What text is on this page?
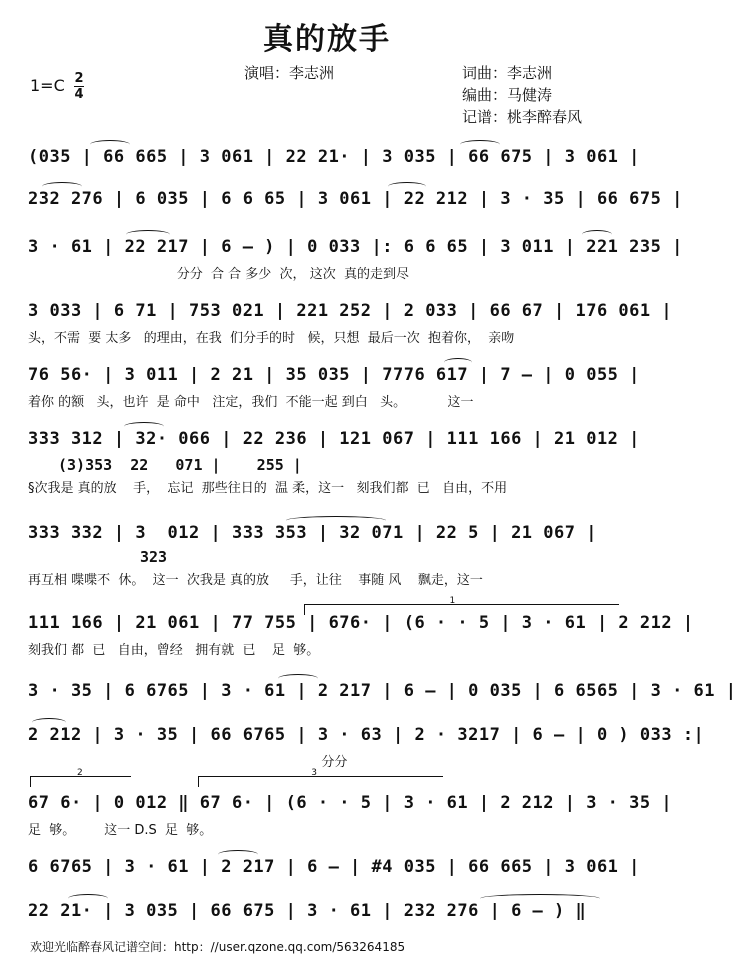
真的放手
演唱：李志洲	词曲：李志洲
编曲：马健涛
记谱：桃李醉春风
1=C 2
4
(035 | 66 665 | 3 061 | 22 21· | 3 035 | 66 675 | 3 061 |
232 276 | 6 035 | 6 6 65 | 3 061 | 22 212 | 3 · 35 | 66 675 |
3 · 61 | 22 217 | 6 – ) | 0 033 |: 6 6 65 | 3 011 | 221 235 |
分分  合 合 多少  次， 这次  真的走到尽
3 033 | 6 71 | 753 021 | 221 252 | 2 033 | 66 67 | 176 061 |
头，不需  要 太多   的理由，在我  们分手的时   候，只想  最后一次  抱着你，  亲吻
76 56· | 3 011 | 2 21 | 35 035 | 7776 617 | 7 – | 0 055 |
着你 的额   头，也许  是 命中   注定，我们  不能一起 到白   头。          这一
333 312 | 32· 066 | 22 236 | 121 067 | 111 166 | 21 012 |
§次我是 真的放    手，  忘记  那些往日的  温 柔，这一   刻我们都  已   自由，不用
(3)353  22   071 |    255 |
333 332 | 3  012 | 333 353 | 32 071 | 22 5 | 21 067 |
323
再互相 喋喋不  休。  这一  次我是 真的放     手，让往    事随 风    飘走，这一
1
111 166 | 21 061 | 77 755 | 676· | (6 · · 5 | 3 · 61 | 2 212 |
刻我们 都  已   自由，曾经   拥有就  已    足  够。
3 · 35 | 6 6765 | 3 · 61 | 2 217 | 6 – | 0 035 | 6 6565 | 3 · 61 |
2 212 | 3 · 35 | 66 6765 | 3 · 63 | 2 · 3217 | 6 – | 0 ) 033 :|
分分
2	3
67 6· | 0 012 ‖ 67 6· | (6 · · 5 | 3 · 61 | 2 212 | 3 · 35 |
足  够。       这一 D.S  足  够。
6 6765 | 3 · 61 | 2 217 | 6 – | #4 035 | 66 665 | 3 061 |
22 21· | 3 035 | 66 675 | 3 · 61 | 232 276 | 6 – ) ‖
欢迎光临醉春风记谱空间：http：//user.qzone.qq.com/563264185
